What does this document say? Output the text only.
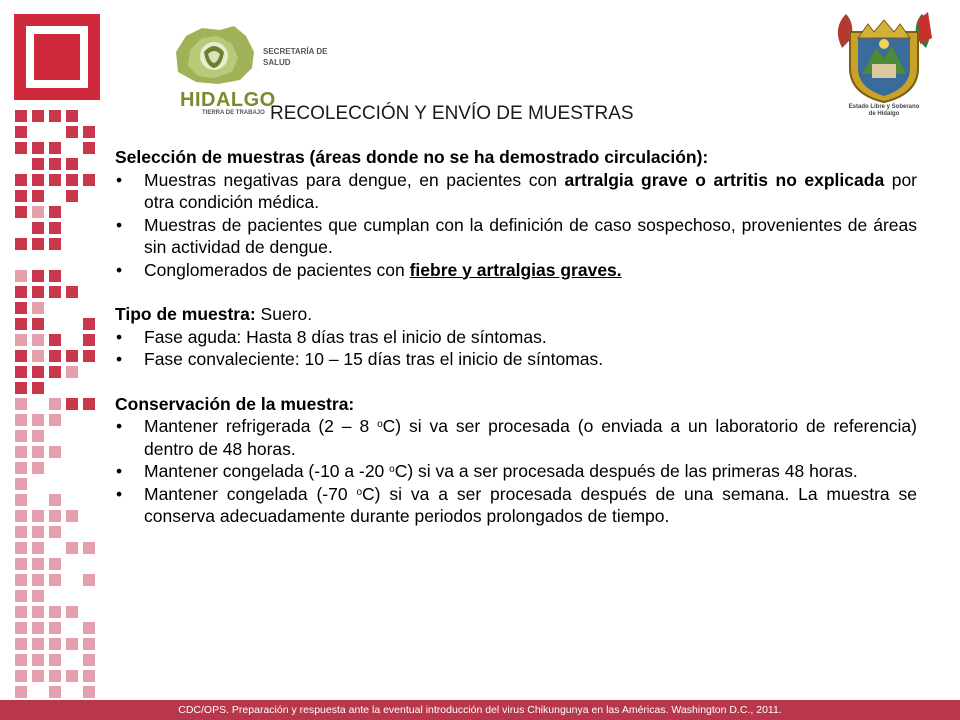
HIDALGO
TIERRA DE TRABAJO
SECRETARÍA DE
SALUD
Estado Libre y Soberano
de Hidalgo
RECOLECCIÓN Y ENVÍO DE MUESTRAS

Selección de muestras (áreas donde no se ha demostrado circulación):

• Muestras negativas para dengue, en pacientes con artralgia grave o artritis no explicada por otra condición médica.
• Muestras de pacientes que cumplan con la definición de caso sospechoso, provenientes de áreas sin actividad de dengue.
• Conglomerados de pacientes con fiebre y artralgias graves.

Tipo de muestra: Suero.

• Fase aguda: Hasta 8 días tras el inicio de síntomas.
• Fase convaleciente: 10 – 15 días tras el inicio de síntomas.

Conservación de la muestra:

• Mantener refrigerada (2 – 8 $^o$C) si va ser procesada (o enviada a un laboratorio de referencia) dentro de 48 horas.
• Mantener congelada (-10 a -20 $^o$C) si va a ser procesada después de las primeras 48 horas.
• Mantener congelada (-70 $^o$C) si va a ser procesada después de una semana. La muestra se conserva adecuadamente durante periodos prolongados de tiempo.
CDC/OPS. Preparación y respuesta ante la eventual introducción del virus Chikungunya en las Américas. Washington D.C., 2011.
